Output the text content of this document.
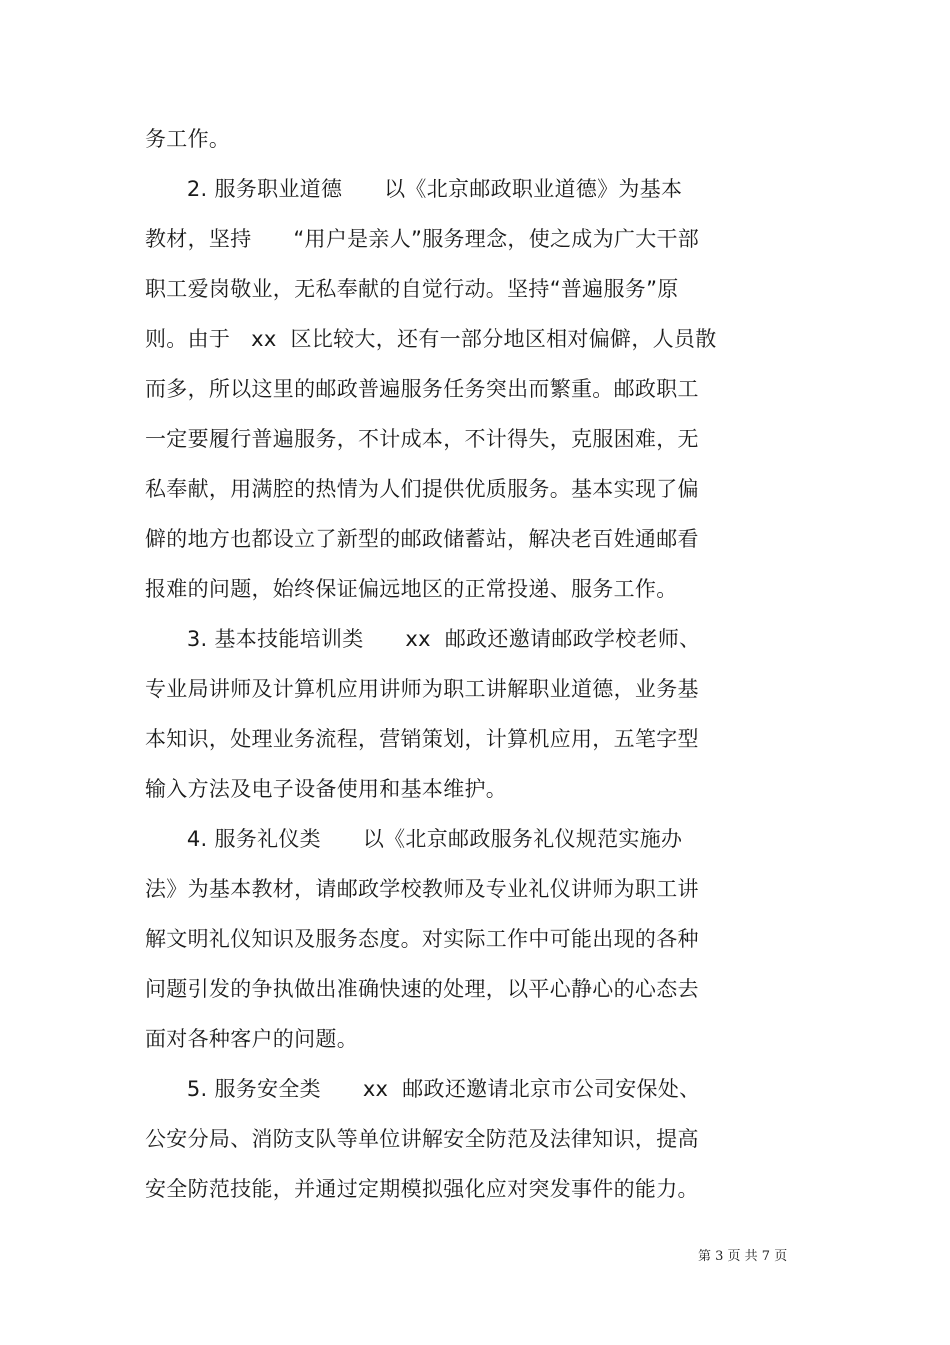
务工作。
2. 服务职业道德      以《北京邮政职业道德》为基本
教材，坚持      “用户是亲人”服务理念，使之成为广大干部
职工爱岗敬业，无私奉献的自觉行动。坚持“普遍服务”原
则。由于   xx  区比较大，还有一部分地区相对偏僻，人员散
而多，所以这里的邮政普遍服务任务突出而繁重。邮政职工
一定要履行普遍服务，不计成本，不计得失，克服困难，无
私奉献，用满腔的热情为人们提供优质服务。基本实现了偏
僻的地方也都设立了新型的邮政储蓄站，解决老百姓通邮看
报难的问题，始终保证偏远地区的正常投递、服务工作。
3. 基本技能培训类      xx  邮政还邀请邮政学校老师、
专业局讲师及计算机应用讲师为职工讲解职业道德，业务基
本知识，处理业务流程，营销策划，计算机应用，五笔字型
输入方法及电子设备使用和基本维护。
4. 服务礼仪类      以《北京邮政服务礼仪规范实施办
法》为基本教材，请邮政学校教师及专业礼仪讲师为职工讲
解文明礼仪知识及服务态度。对实际工作中可能出现的各种
问题引发的争执做出准确快速的处理，以平心静心的心态去
面对各种客户的问题。
5. 服务安全类      xx  邮政还邀请北京市公司安保处、
公安分局、消防支队等单位讲解安全防范及法律知识，提高
安全防范技能，并通过定期模拟强化应对突发事件的能力。
第 3 页 共 7 页
